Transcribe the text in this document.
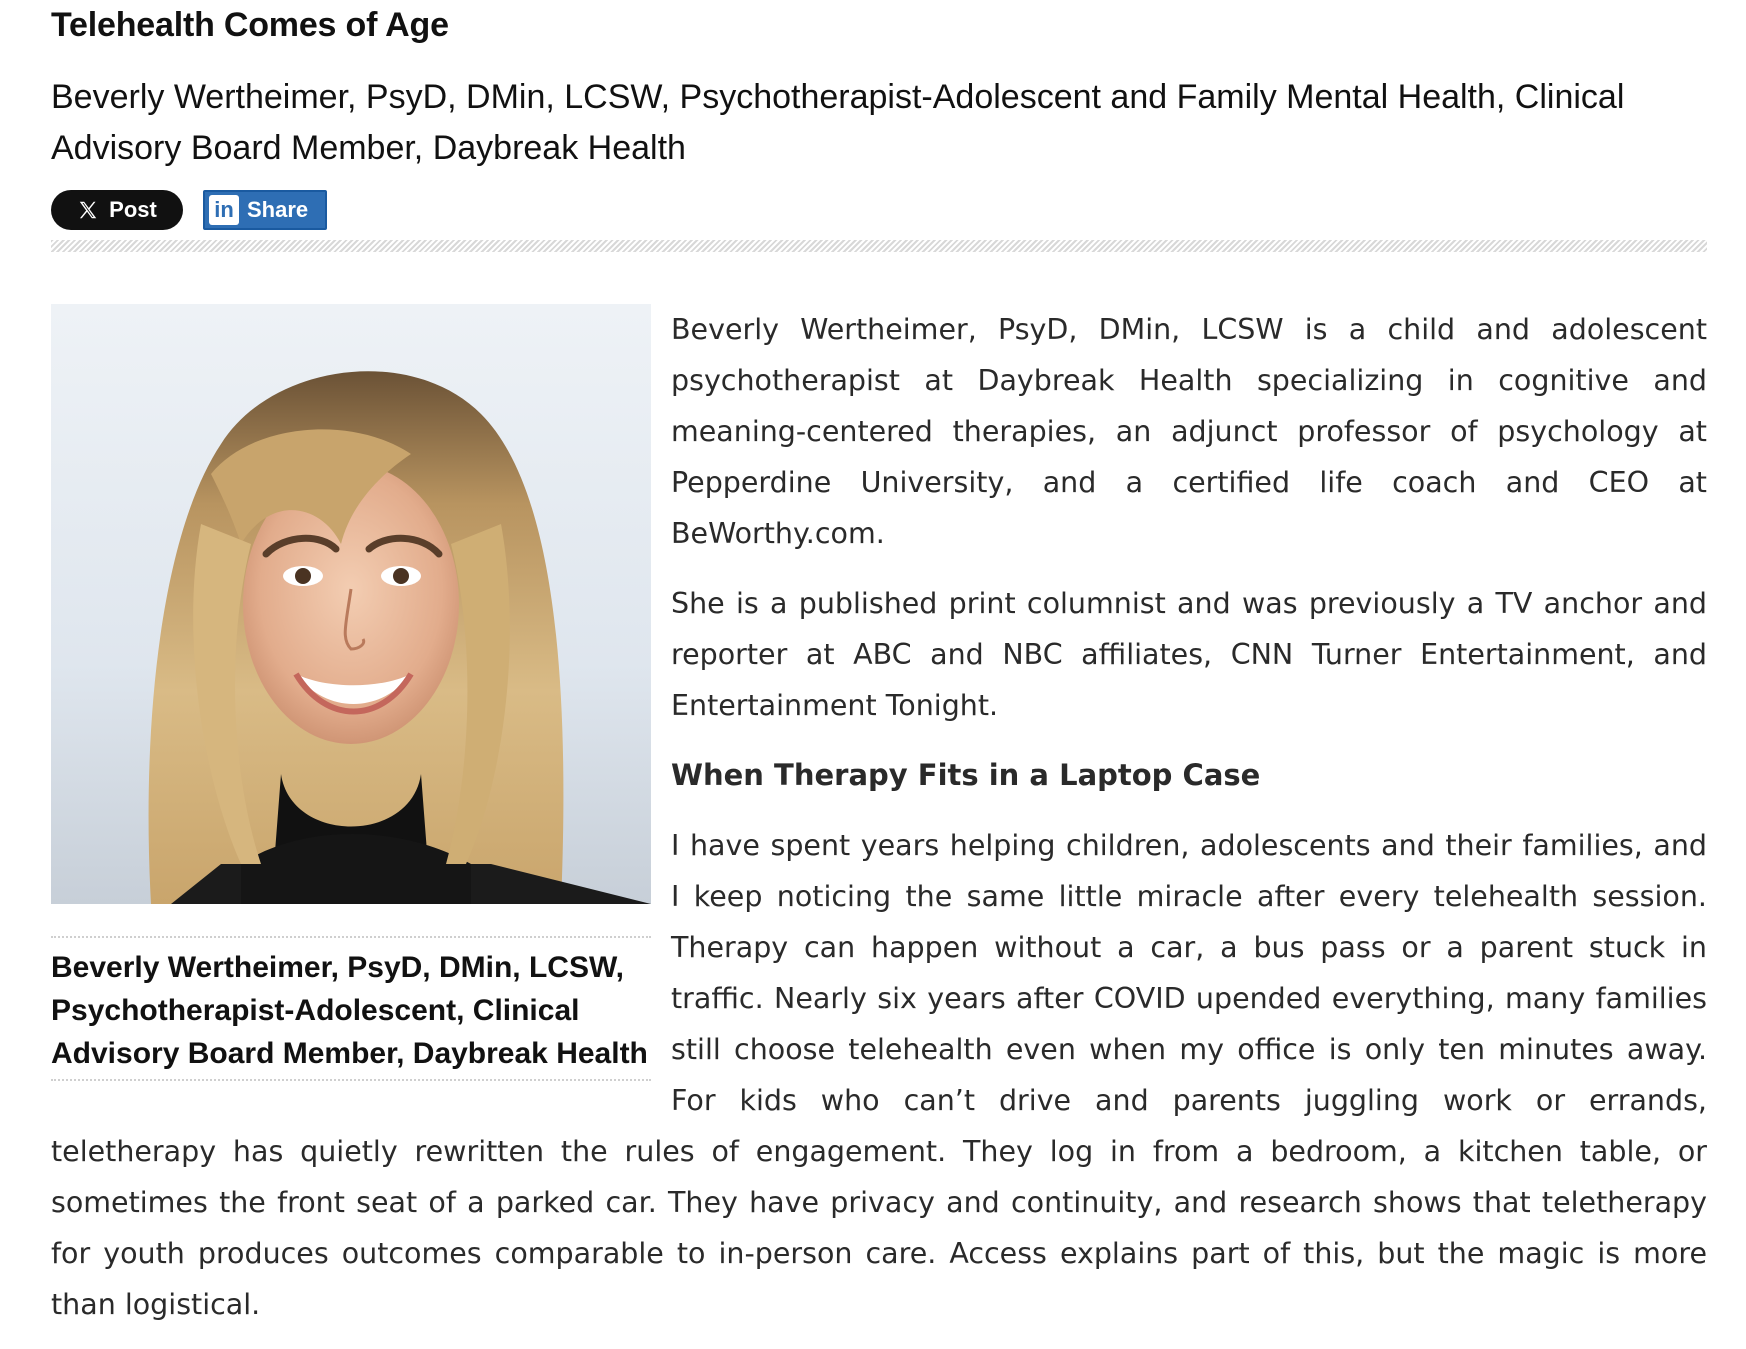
Telehealth Comes of Age
Beverly Wertheimer, PsyD, DMin, LCSW, Psychotherapist-Adolescent and Family Mental Health, Clinical Advisory Board Member, Daybreak Health
Post	in Share

Beverly Wertheimer, PsyD, DMin, LCSW is a child and adolescent psychotherapist at Daybreak Health specializing in cognitive and meaning-centered therapies, an adjunct professor of psychology at Pepperdine University, and a certified life coach and CEO at BeWorthy.com.

She is a published print columnist and was previously a TV anchor and reporter at ABC and NBC affiliates, CNN Turner Entertainment, and Entertainment Tonight.

When Therapy Fits in a Laptop Case

I have spent years helping children, adolescents and their families, and I keep noticing the same little miracle after every telehealth session. Therapy can happen without a car, a bus pass or a parent stuck in traffic. Nearly six years after COVID upended everything, many families still choose telehealth even when my office is only ten minutes away. For kids who can’t drive and parents juggling work or errands, teletherapy has quietly rewritten the rules of engagement. They log in from a bedroom, a kitchen table, or sometimes the front seat of a parked car. They have privacy and continuity, and research shows that teletherapy for youth produces outcomes comparable to in-person care. Access explains part of this, but the magic is more than logistical.

Beverly Wertheimer, PsyD, DMin, LCSW, Psychotherapist-Adolescent, Clinical Advisory Board Member, Daybreak Health
